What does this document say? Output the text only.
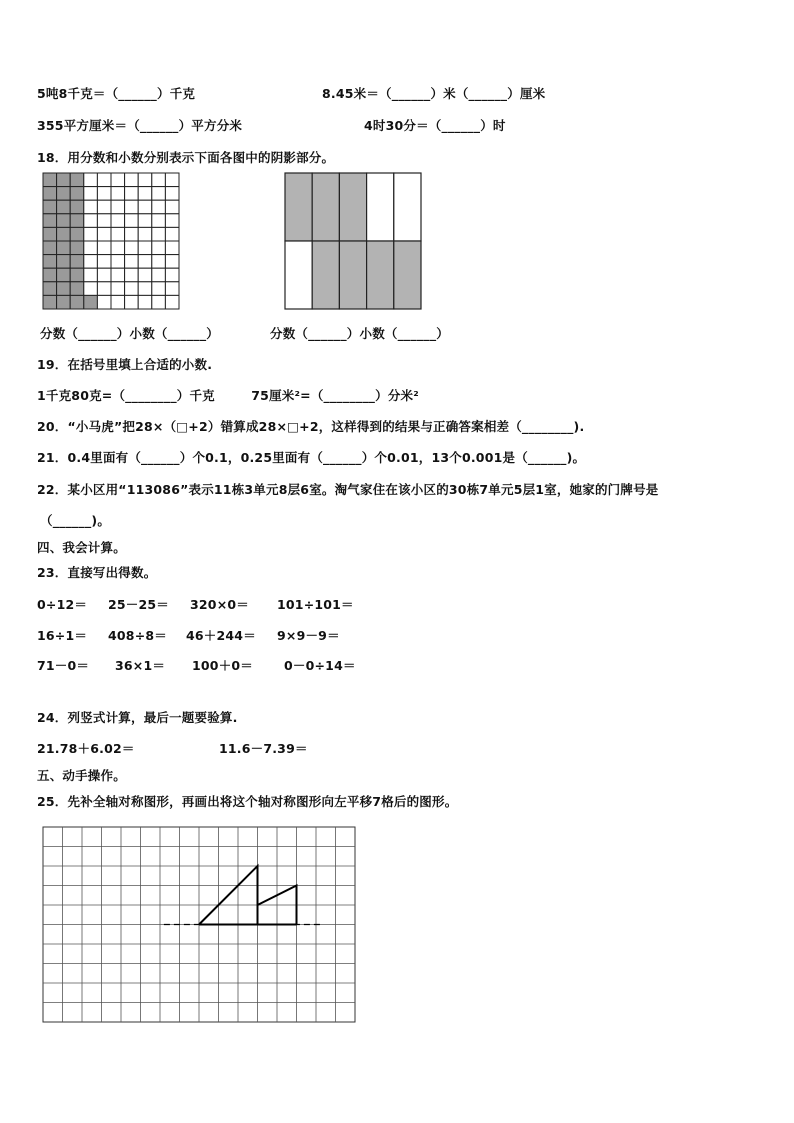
5吨8千克＝（______）千克	8.45米＝（______）米（______）厘米
355平方厘米＝（______）平方分米	4时30分＝（______）时
18．用分数和小数分别表示下面各图中的阴影部分。
分数（______）小数（______）	分数（______）小数（______）
19．在括号里填上合适的小数.
1千克80克=（________）千克        75厘米²=（________）分米²
20．“小马虎”把28×（□+2）错算成28×□+2，这样得到的结果与正确答案相差（________).
21．0.4里面有（______）个0.1，0.25里面有（______）个0.01，13个0.001是（______)。
22．某小区用“113086”表示11栋3单元8层6室。淘气家住在该小区的30栋7单元5层1室，她家的门牌号是
（______)。
四、我会计算。
23．直接写出得数。
0÷12＝ 25－25＝ 320×0＝ 101÷101＝
16÷1＝ 408÷8＝ 46＋244＝ 9×9－9＝
71－0＝ 36×1＝ 100＋0＝ 0－0÷14＝
24．列竖式计算，最后一题要验算.
21.78＋6.02＝	11.6－7.39＝
五、动手操作。
25．先补全轴对称图形，再画出将这个轴对称图形向左平移7格后的图形。
